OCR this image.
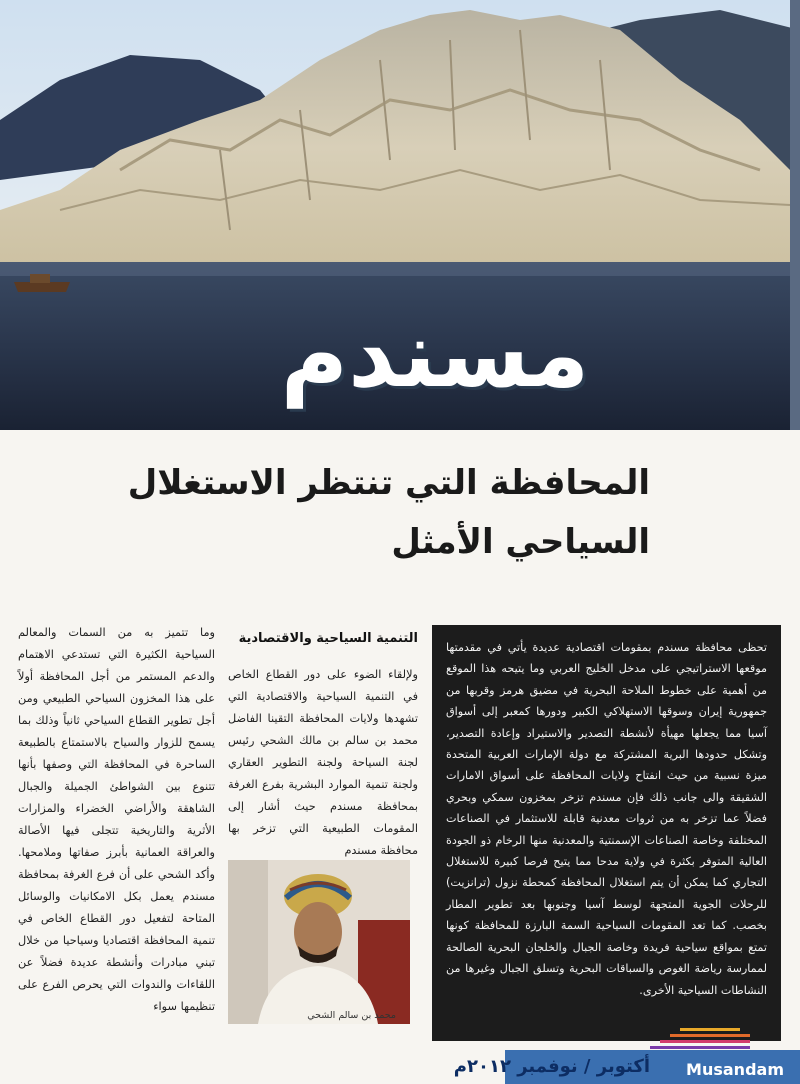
مسندم
المحافظة التي تنتظر الاستغلال
السياحي الأمثل

تحظى محافظة مسندم بمقومات اقتصادية عديدة يأتي في مقدمتها موقعها الاستراتيجي على مدخل الخليج العربي وما يتيحه هذا الموقع من أهمية على خطوط الملاحة البحرية في مضيق هرمز وقربها من جمهورية إيران وسوقها الاستهلاكي الكبير ودورها كمعبر إلى أسواق آسيا مما يجعلها مهيأة لأنشطة التصدير والاستيراد وإعادة التصدير، وتشكل حدودها البرية المشتركة مع دولة الإمارات العربية المتحدة ميزة نسبية من حيث انفتاح ولايات المحافظة على أسواق الامارات الشقيقة والى جانب ذلك فإن مسندم تزخر بمخزون سمكي وبحري فضلاً عما تزخر به من ثروات معدنية قابلة للاستثمار في الصناعات المختلفة وخاصة الصناعات الإسمنتية والمعدنية منها الرخام ذو الجودة العالية المتوفر بكثرة في ولاية مدحا مما يتيح فرصا كبيرة للاستغلال التجاري كما يمكن أن يتم استغلال المحافظة كمحطة نزول (ترانزيت) للرحلات الجوية المتجهة لوسط آسيا وجنوبها بعد تطوير المطار بخصب. كما تعد المقومات السياحية السمة البارزة للمحافظة كونها تمتع بمواقع سياحية فريدة وخاصة الجبال والخلجان البحرية الصالحة لممارسة رياضة الغوص والسباقات البحرية وتسلق الجبال وغيرها من النشاطات السياحية الأخرى.

التنمية السياحية والاقتصادية

ولإلقاء الضوء على دور القطاع الخاص في التنمية السياحية والاقتصادية التي تشهدها ولايات المحافظة التقينا الفاضل محمد بن سالم بن مالك الشحي رئيس لجنة السياحة ولجنة التطوير العقاري ولجنة تنمية الموارد البشرية بفرع الغرفة بمحافظة مسندم حيث أشار إلى المقومات الطبيعية التي تزخر بها محافظة مسندم

محمد بن سالم الشحي

وما تتميز به من السمات والمعالم السياحية الكثيرة التي تستدعي الاهتمام والدعم المستمر من أجل المحافظة أولاً على هذا المخزون السياحي الطبيعي ومن أجل تطوير القطاع السياحي ثانياً وذلك بما يسمح للزوار والسياح بالاستمتاع بالطبيعة الساحرة في المحافظة التي وصفها بأنها تتنوع بين الشواطئ الجميلة والجبال الشاهقة والأراضي الخضراء والمزارات الأثرية والتاريخية تتجلى فيها الأصالة والعراقة العمانية بأبرز صفاتها وملامحها. وأكد الشحي على أن فرع الغرفة بمحافظة مسندم يعمل بكل الامكانيات والوسائل المتاحة لتفعيل دور القطاع الخاص في تنمية المحافظة اقتصاديا وسياحيا من خلال تبني مبادرات وأنشطة عديدة فضلاً عن اللقاءات والندوات التي يحرص الفرع على تنظيمها سواء

أكتوبر / نوفمبر ٢٠١٢م Musandam
